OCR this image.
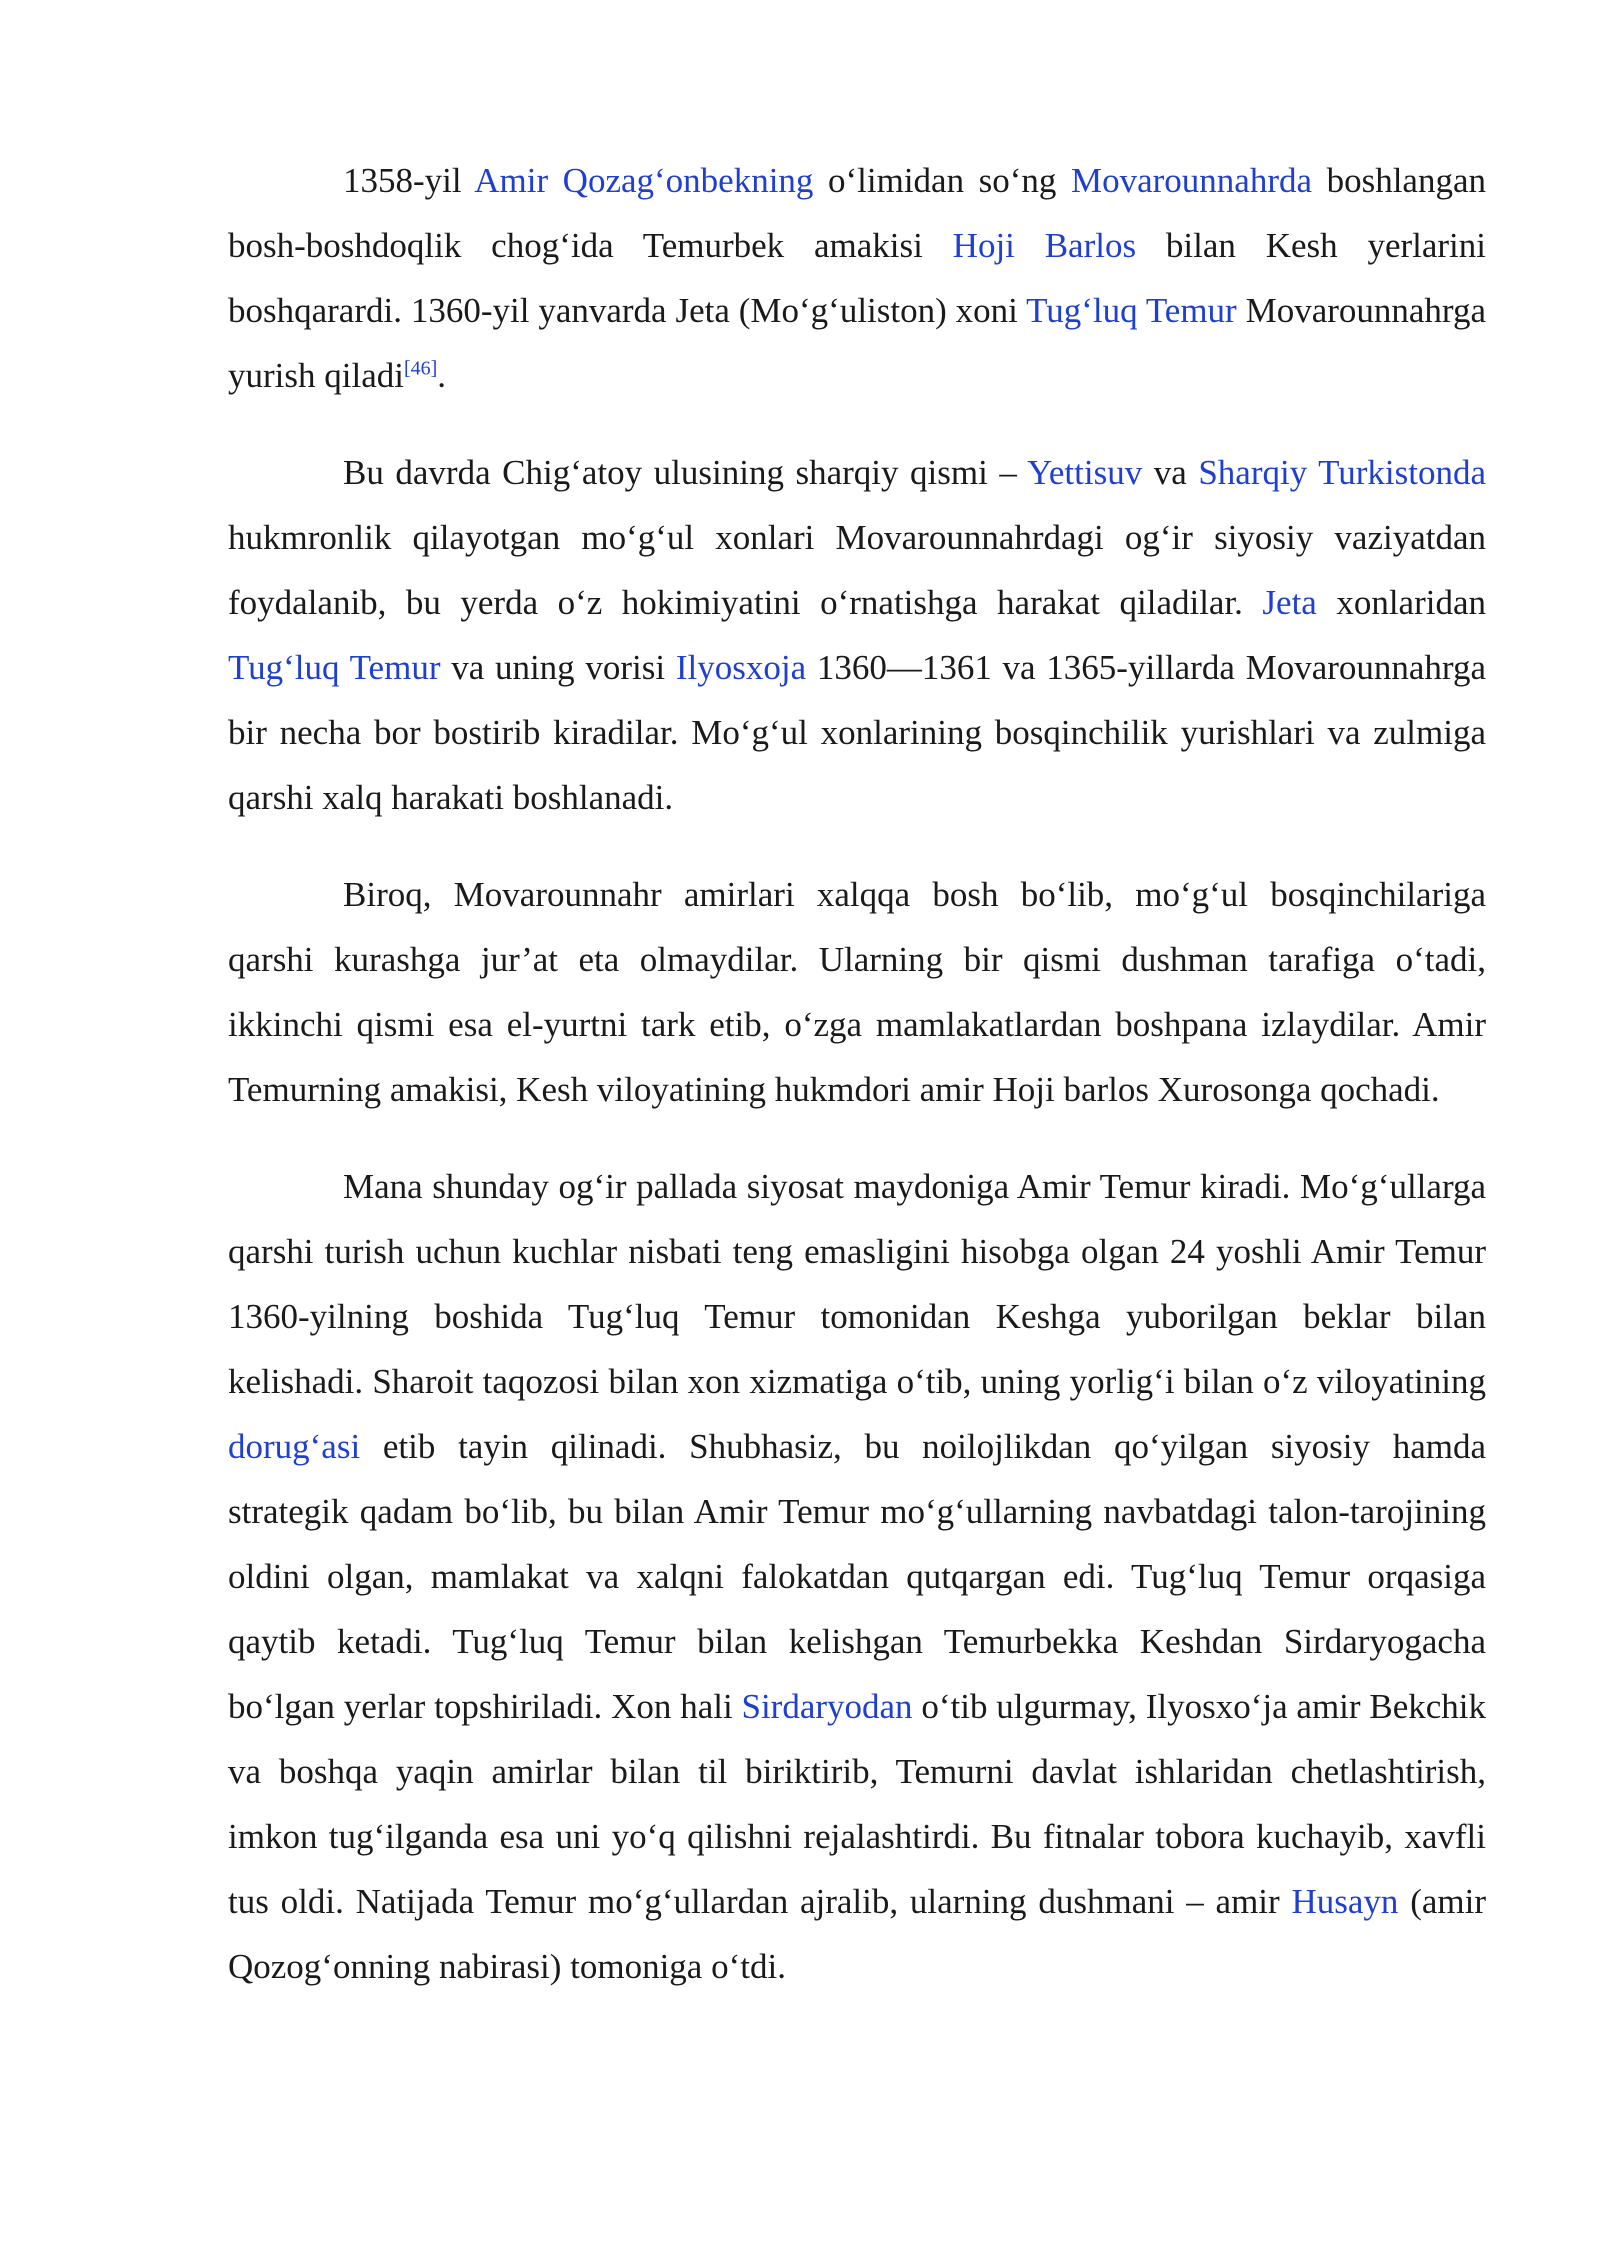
1358-yil Amir Qozag‘onbekning o‘limidan so‘ng Movarounnahrda boshlangan bosh-boshdoqlik chog‘ida Temurbek amakisi Hoji Barlos bilan Kesh yerlarini boshqarardi. 1360-yil yanvarda Jeta (Mo‘g‘uliston) xoni Tug‘luq Temur Movarounnahrga yurish qiladi[46].

Bu davrda Chig‘atoy ulusining sharqiy qismi – Yettisuv va Sharqiy Turkistonda hukmronlik qilayotgan mo‘g‘ul xonlari Movarounnahrdagi og‘ir siyosiy vaziyatdan foydalanib, bu yerda o‘z hokimiyatini o‘rnatishga harakat qiladilar. Jeta xonlaridan Tug‘luq Temur va uning vorisi Ilyosxoja 1360—1361 va 1365-yillarda Movarounnahrga bir necha bor bostirib kiradilar. Mo‘g‘ul xonlarining bosqinchilik yurishlari va zulmiga qarshi xalq harakati boshlanadi.

Biroq, Movarounnahr amirlari xalqqa bosh bo‘lib, mo‘g‘ul bosqinchilariga qarshi kurashga jur’at eta olmaydilar. Ularning bir qismi dushman tarafiga o‘tadi, ikkinchi qismi esa el-yurtni tark etib, o‘zga mamlakatlardan boshpana izlaydilar. Amir Temurning amakisi, Kesh viloyatining hukmdori amir Hoji barlos Xurosonga qochadi.

Mana shunday og‘ir pallada siyosat maydoniga Amir Temur kiradi. Mo‘g‘ullarga qarshi turish uchun kuchlar nisbati teng emasligini hisobga olgan 24 yoshli Amir Temur 1360-yilning boshida Tug‘luq Temur tomonidan Keshga yuborilgan beklar bilan kelishadi. Sharoit taqozosi bilan xon xizmatiga o‘tib, uning yorlig‘i bilan o‘z viloyatining dorug‘asi etib tayin qilinadi. Shubhasiz, bu noilojlikdan qo‘yilgan siyosiy hamda strategik qadam bo‘lib, bu bilan Amir Temur mo‘g‘ullarning navbatdagi talon-tarojining oldini olgan, mamlakat va xalqni falokatdan qutqargan edi. Tug‘luq Temur orqasiga qaytib ketadi. Tug‘luq Temur bilan kelishgan Temurbekka Keshdan Sirdaryogacha bo‘lgan yerlar topshiriladi. Xon hali Sirdaryodan o‘tib ulgurmay, Ilyosxo‘ja amir Bekchik va boshqa yaqin amirlar bilan til biriktirib, Temurni davlat ishlaridan chetlashtirish, imkon tug‘ilganda esa uni yo‘q qilishni rejalashtirdi. Bu fitnalar tobora kuchayib, xavfli tus oldi. Natijada Temur mo‘g‘ullardan ajralib, ularning dushmani – amir Husayn (amir Qozog‘onning nabirasi) tomoniga o‘tdi.
